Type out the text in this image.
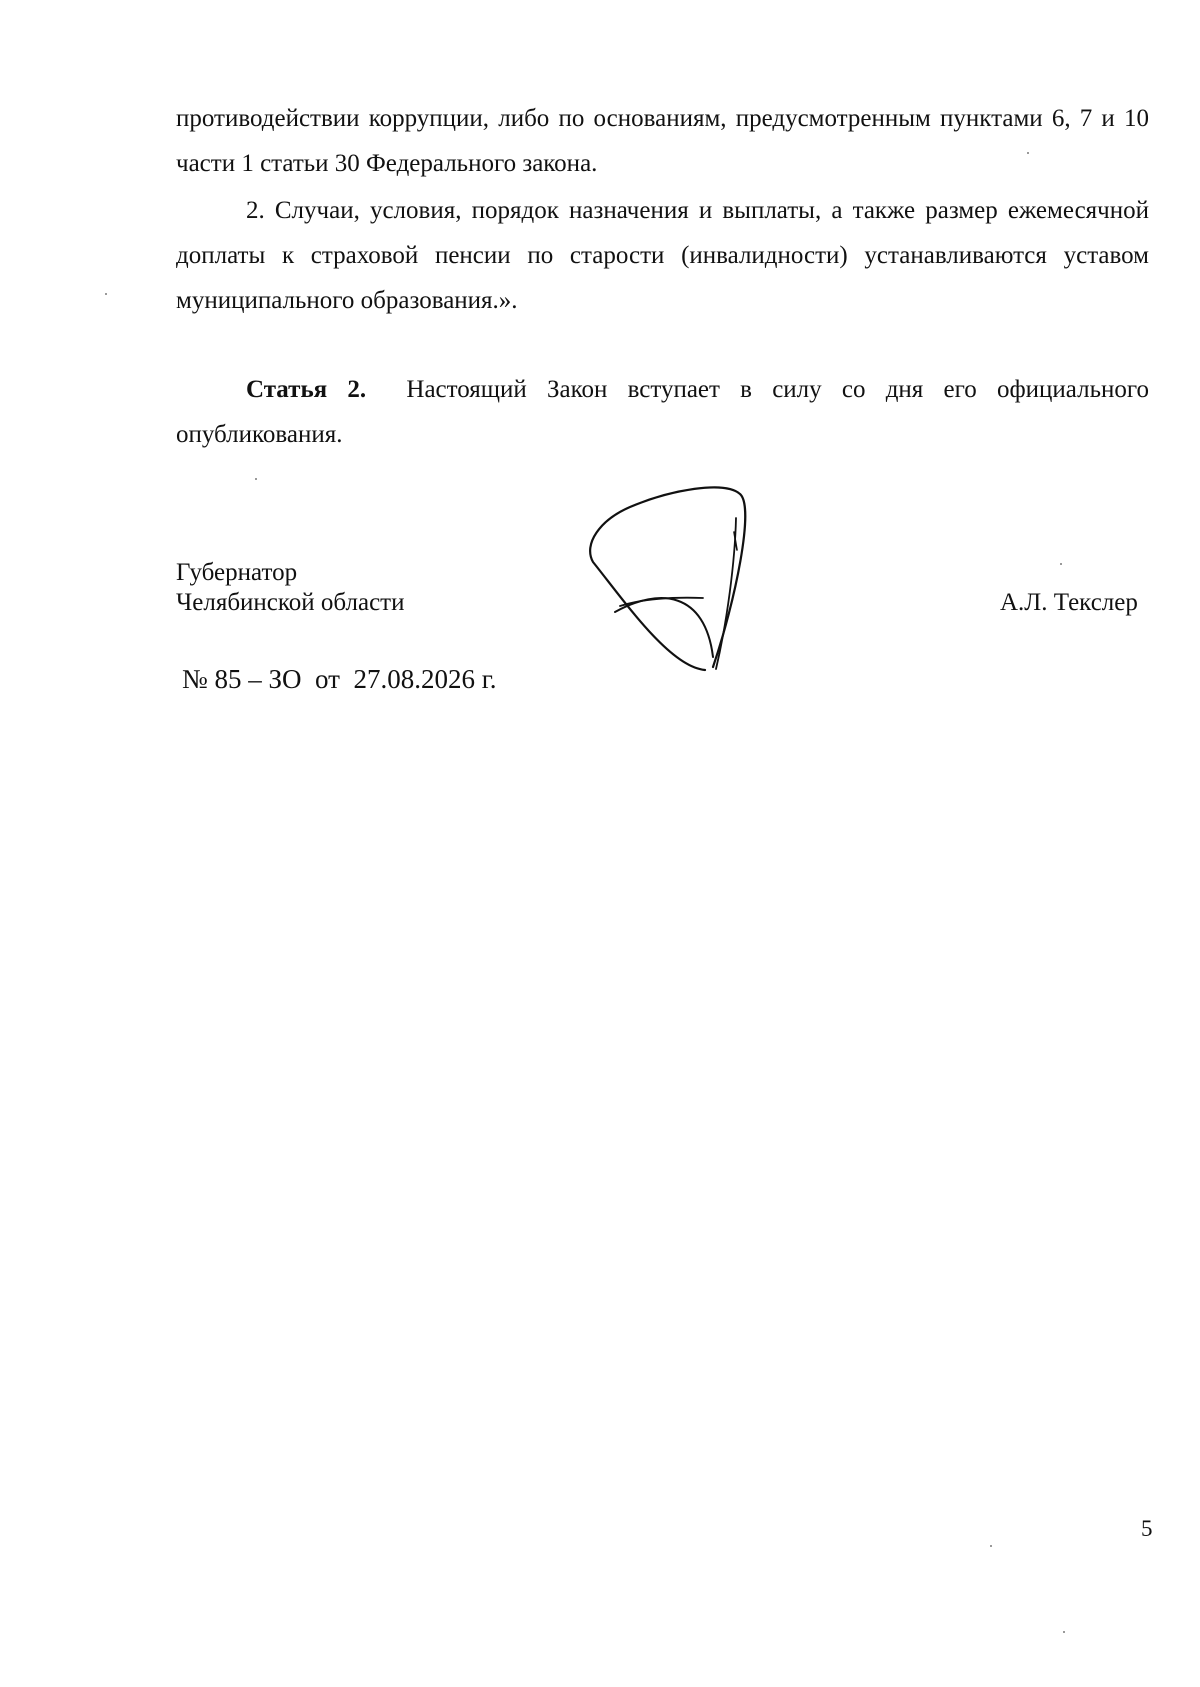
противодействии коррупции, либо по основаниям, предусмотренным пунктами 6, 7 и 10 части 1 статьи 30 Федерального закона.
2. Случаи, условия, порядок назначения и выплаты, а также размер ежемесячной доплаты к страховой пенсии по старости (инвалидности) устанавливаются уставом муниципального образования.».
Статья 2. Настоящий Закон вступает в силу со дня его официального опубликования.
Губернатор
Челябинской области	А.Л. Текслер
№ 85 – ЗО  от  27.08.2026 г.
5
